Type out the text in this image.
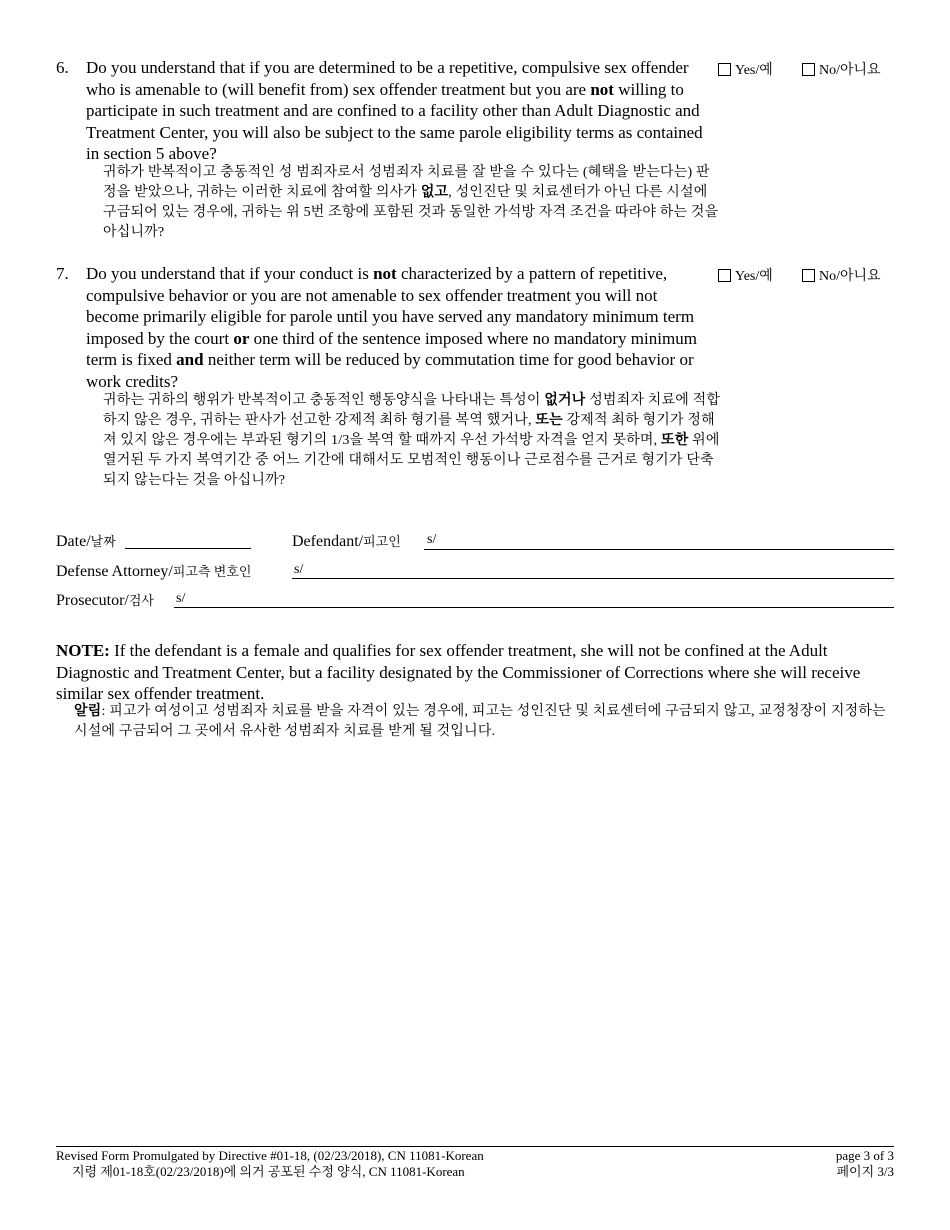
6. Do you understand that if you are determined to be a repetitive, compulsive sex offender who is amenable to (will benefit from) sex offender treatment but you are not willing to participate in such treatment and are confined to a facility other than Adult Diagnostic and Treatment Center, you will also be subject to the same parole eligibility terms as contained in section 5 above?
귀하가 반복적이고 충동적인 성 범죄자로서 성범죄자 치료를 잘 받을 수 있다는 (혜택을 받는다는) 판정을 받았으나, 귀하는 이러한 치료에 참여할 의사가 없고, 성인진단 및 치료센터가 아닌 다른 시설에 구금되어 있는 경우에, 귀하는 위 5번 조항에 포함된 것과 동일한 가석방 자격 조건을 따라야 하는 것을 아십니까?
Yes/예	No/아니요
7. Do you understand that if your conduct is not characterized by a pattern of repetitive, compulsive behavior or you are not amenable to sex offender treatment you will not become primarily eligible for parole until you have served any mandatory minimum term imposed by the court or one third of the sentence imposed where no mandatory minimum term is fixed and neither term will be reduced by commutation time for good behavior or work credits?
귀하는 귀하의 행위가 반복적이고 충동적인 행동양식을 나타내는 특성이 없거나 성범죄자 치료에 적합하지 않은 경우, 귀하는 판사가 선고한 강제적 최하 형기를 복역 했거나, 또는 강제적 최하 형기가 정해져 있지 않은 경우에는 부과된 형기의 1/3을 복역 할 때까지 우선 가석방 자격을 얻지 못하며, 또한 위에 열거된 두 가지 복역기간 중 어느 기간에 대해서도 모범적인 행동이나 근로점수를 근거로 형기가 단축되지 않는다는 것을 아십니까?
Yes/예	No/아니요
Date/날짜	Defendant/피고인 s/
Defense Attorney/피고측 변호인	s/
Prosecutor/검사 s/
NOTE: If the defendant is a female and qualifies for sex offender treatment, she will not be confined at the Adult Diagnostic and Treatment Center, but a facility designated by the Commissioner of Corrections where she will receive similar sex offender treatment.
알림: 피고가 여성이고 성범죄자 치료를 받을 자격이 있는 경우에, 피고는 성인진단 및 치료센터에 구금되지 않고, 교정청장이 지정하는 시설에 구금되어 그 곳에서 유사한 성범죄자 치료를 받게 될 것입니다.
Revised Form Promulgated by Directive #01-18, (02/23/2018), CN 11081-Korean
지령 제01-18호(02/23/2018)에 의거 공포된 수정 양식, CN 11081-Korean
page 3 of 3
페이지 3/3
